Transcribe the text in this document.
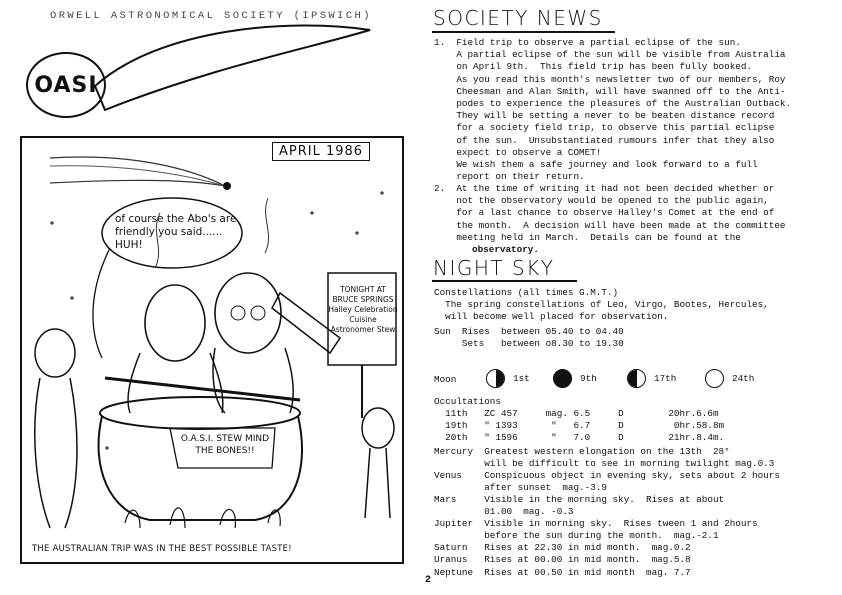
ORWELL ASTRONOMICAL SOCIETY (IPSWICH)
OASI
APRIL 1986
of course the Abo's are friendly you said...... HUH!
TONIGHT AT BRUCE SPRINGS Halley Celebration Cuisine Astronomer Stew
O.A.S.I. STEW MIND THE BONES!!
THE AUSTRALIAN TRIP WAS IN THE BEST POSSIBLE TASTE!
SOCIETY NEWS
1.  Field trip to observe a partial eclipse of the sun.
A partial eclipse of the sun will be visible from Australia
on April 9th.  This field trip has been fully booked.
As you read this month's newsletter two of our members, Roy
Cheesman and Alan Smith, will have swanned off to the Anti-
podes to experience the pleasures of the Australian Outback.
They will be setting a never to be beaten distance record
for a society field trip, to observe this partial eclipse
of the sun.  Unsubstantiated rumours infer that they also
expect to observe a COMET!
We wish them a safe journey and look forward to a full
report on their return.
2.  At the time of writing it had not been decided whether or
not the observatory would be opened to the public again,
for a last chance to observe Halley's Comet at the end of
the month.  A decision will have been made at the committee
meeting held in March.  Details can be found at the
observatory.
NIGHT SKY
Constellations (all times G.M.T.)
The spring constellations of Leo, Virgo, Bootes, Hercules,
will become well placed for observation.
Sun  Rises  between 05.40 to 04.40
Sets   between o8.30 to 19.30
Moon	1st	9th	17th	24th
Occultations
11th   ZC 457     mag. 6.5     D        20hr.6.6m
19th   " 1393      "   6.7     D         0hr.58.8m
20th   " 1596      "   7.0     D        21hr.8.4m.
Mercury  Greatest western elongation on the 13th  28°
will be difficult to see in morning twilight mag.0.3
Venus    Conspicuous object in evening sky, sets about 2 hours
after sunset  mag.-3.9
Mars     Visible in the morning sky.  Rises at about
01.00  mag. -0.3
Jupiter  Visible in morning sky.  Rises tween 1 and 2hours
before the sun during the month.  mag.-2.1
Saturn   Rises at 22.30 in mid month.  mag.0.2
Uranus   Rises at 00.00 in mid month.  mag.5.8
Neptune  Rises at 00.50 in mid month  mag. 7.7
2
